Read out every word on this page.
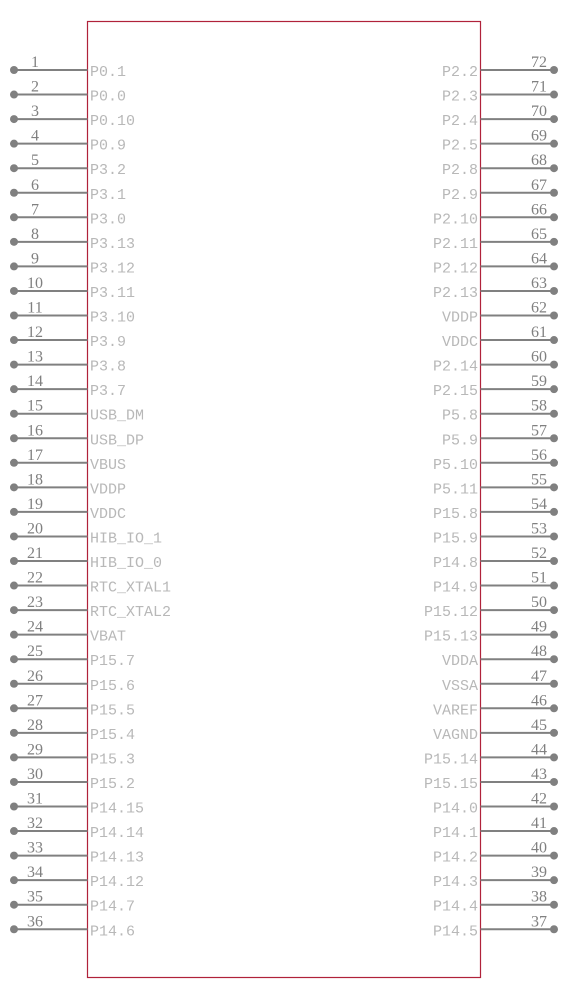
1
P0.1
2
P0.0
3
P0.10
4
P0.9
5
P3.2
6
P3.1
7
P3.0
8
P3.13
9
P3.12
10
P3.11
11
P3.10
12
P3.9
13
P3.8
14
P3.7
15
USB_DM
16
USB_DP
17
VBUS
18
VDDP
19
VDDC
20
HIB_IO_1
21
HIB_IO_0
22
RTC_XTAL1
23
RTC_XTAL2
24
VBAT
25
P15.7
26
P15.6
27
P15.5
28
P15.4
29
P15.3
30
P15.2
31
P14.15
32
P14.14
33
P14.13
34
P14.12
35
P14.7
36
P14.6
72
P2.2
71
P2.3
70
P2.4
69
P2.5
68
P2.8
67
P2.9
66
P2.10
65
P2.11
64
P2.12
63
P2.13
62
VDDP
61
VDDC
60
P2.14
59
P2.15
58
P5.8
57
P5.9
56
P5.10
55
P5.11
54
P15.8
53
P15.9
52
P14.8
51
P14.9
50
P15.12
49
P15.13
48
VDDA
47
VSSA
46
VAREF
45
VAGND
44
P15.14
43
P15.15
42
P14.0
41
P14.1
40
P14.2
39
P14.3
38
P14.4
37
P14.5
